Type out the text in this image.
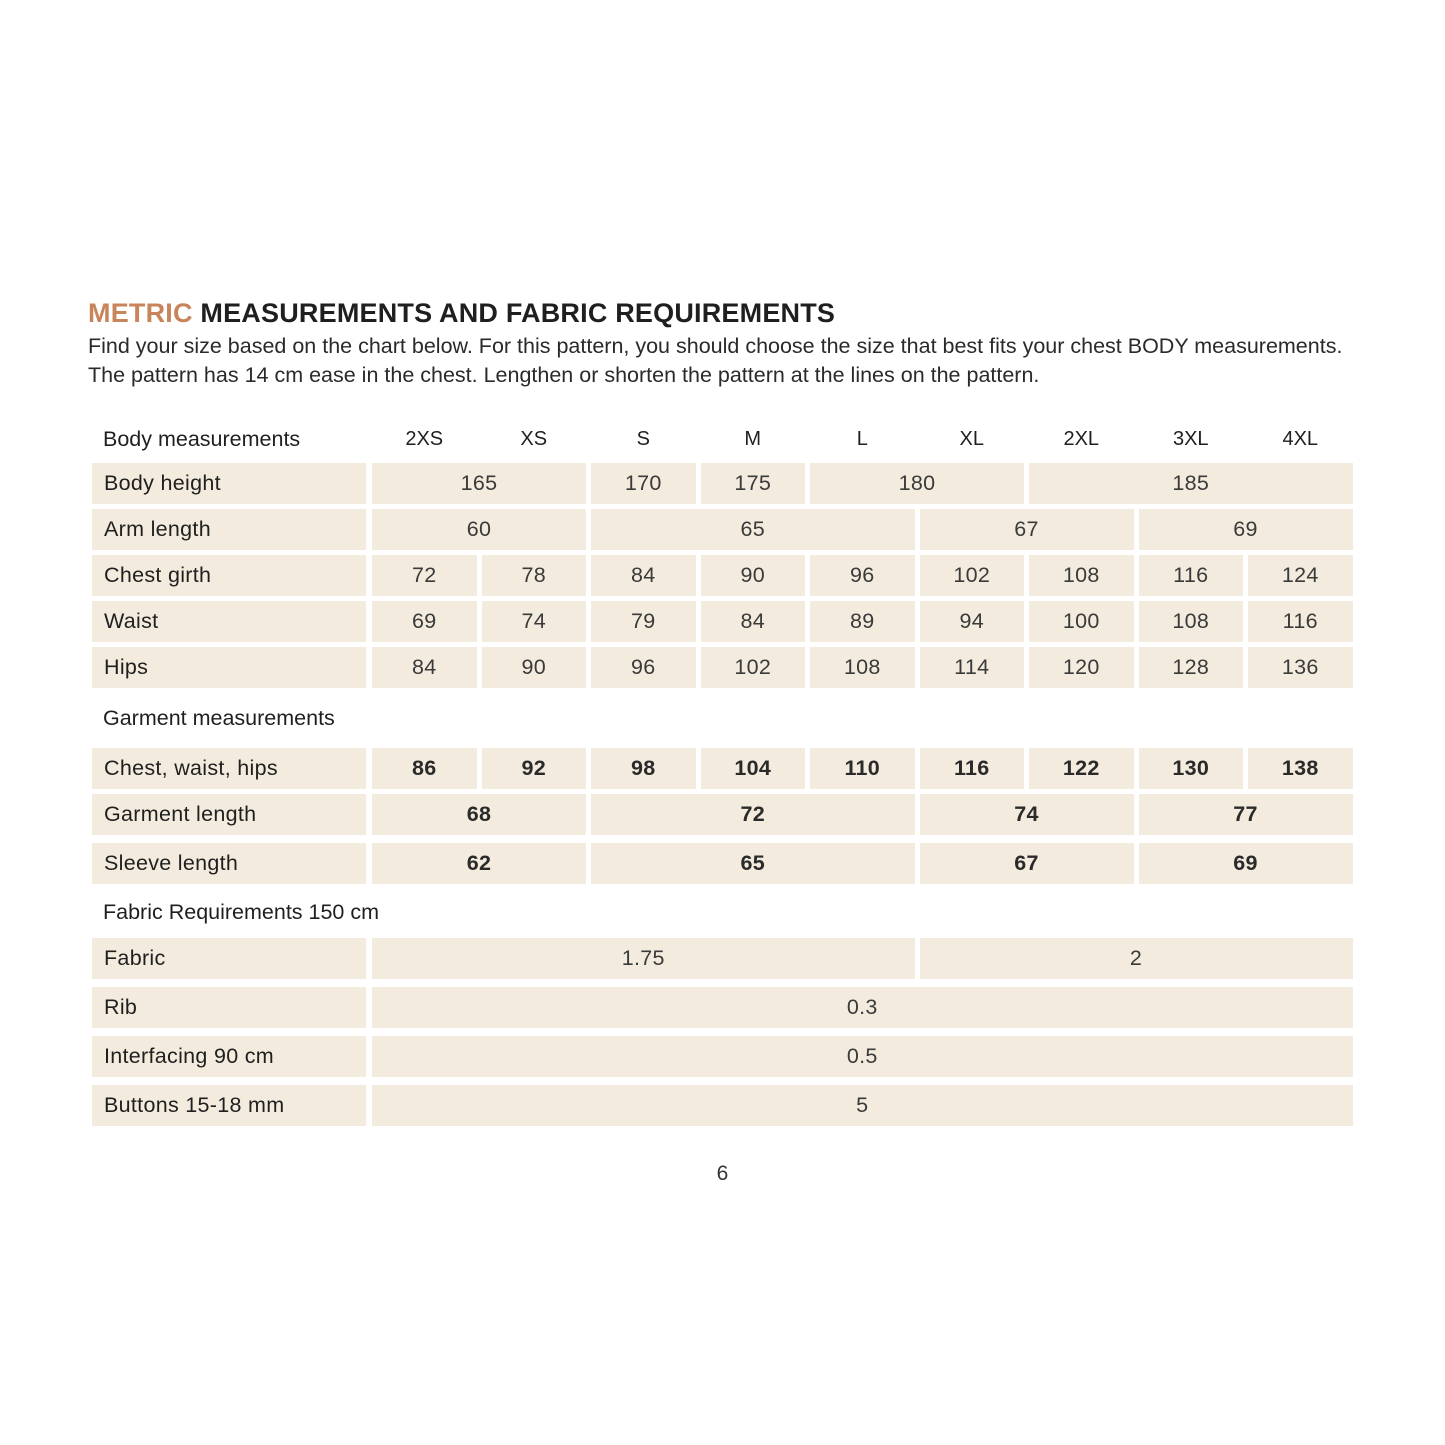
METRIC MEASUREMENTS AND FABRIC REQUIREMENTS

Find your size based on the chart below. For this pattern, you should choose the size that best fits your chest BODY measurements. The pattern has 14 cm ease in the chest. Lengthen or shorten the pattern at the lines on the pattern.

Body measurements	2XS	XS	S	M	L	XL	2XL	3XL	4XL
Body height	165	170	175	180	185
Arm length	60	65	67	69
Chest girth	72	78	84	90	96	102	108	116	124
Waist	69	74	79	84	89	94	100	108	116
Hips	84	90	96	102	108	114	120	128	136
Garment measurements
Chest, waist, hips	86	92	98	104	110	116	122	130	138
Garment length	68	72	74	77
Sleeve length	62	65	67	69
Fabric Requirements 150 cm
Fabric	1.75	2
Rib	0.3
Interfacing 90 cm	0.5
Buttons 15-18 mm	5
6
